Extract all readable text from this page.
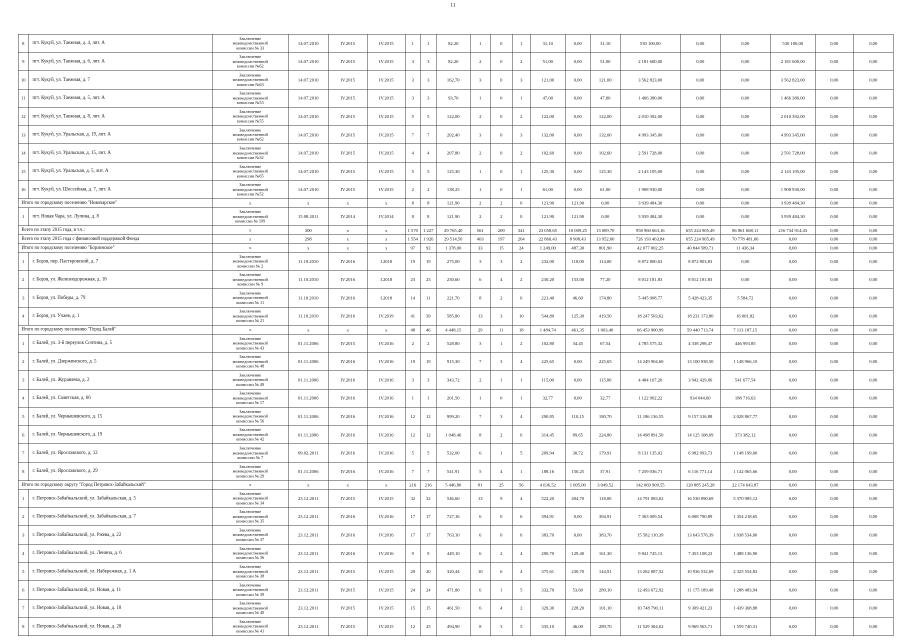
11
8	пгт. Кукуй, ул. Таежная, д. 4, лит. А	Заключение межведомственной комиссии № 33	14.07.2010	IV.2015	IV.2015	1	1	82,20	1	0	1	31,10	0,00	31,10	530 100,00	0,00	0,00	530 100,00	0,00	0,00
9	пгт. Кукуй, ул. Таежная, д. 6, лит. А	Заключение межведомственной комиссии №62	14.07.2010	IV.2015	IV.2015	3	3	82,20	2	0	2	51,00	0,00	51,00	2 181 600,00	0,00	0,00	2 181 600,00	0,00	0,00
10	пгт. Кукуй, ул. Таежная, д. 7	Заключение межведомственной комиссии №63	14.07.2010	IV.2015	IV.2015	3	3	162,70	3	0	3	121,00	0,00	121,00	3 562 823,00	0,00	0,00	3 562 823,00	0,00	0,00
11	пгт. Кукуй, ул. Таежная, д. 5, лит. А	Заключение межведомственной комиссии №53	14.07.2010	IV.2015	IV.2015	3	3	93,70	1	0	1	47,00	0,00	47,00	1 466 380,00	0,00	0,00	1 466 380,00	0,00	0,00
12	пгт. Кукуй, ул. Таежная, д. 8, лит. А	Заключение межведомственной комиссии №55	14.07.2010	IV.2015	IV.2015	5	5	122,00	2	0	2	122,00	0,00	122,00	2 010 392,00	0,00	0,00	2 010 392,00	0,00	0,00
13	пгт. Кукуй, ул. Уральская, д. 19, лит. А	Заключение межведомственной комиссии №62	14.07.2010	IV.2015	IV.2015	7	7	202,40	3	0	3	132,00	0,00	132,00	4 993 345,00	0,00	0,00	4 993 345,00	0,00	0,00
14	пгт. Кукуй, ул. Уральская, д. 15, лит. А	Заключение межведомственной комиссии №32	14.07.2010	IV.2015	IV.2015	4	4	207,80	2	0	2	102,60	0,00	102,60	2 591 728,00	0,00	0,00	2 591 728,00	0,00	0,00
15	пгт. Кукуй, ул. Уральская, д. 5, лит. А	Заключение межведомственной комиссии №65	14.07.2010	IV.2015	IV.2015	5	5	125,30	1	0	1	125,30	0,00	125,30	2 143 105,00	0,00	0,00	2 143 105,00	0,00	0,00
16	пгт. Кукуй, ул. Шоссейная, д. 7, лит. А	Заключение межведомственной комиссии №52	14.07.2010	IV.2015	IV.2015	2	2	138,25	1	0	1	61,00	0,00	61,00	1 908 930,00	0,00	0,00	1 908 930,00	0,00	0,00
Итого по городскому поселению "Новочарское"		x	x	x	x	8	8	121,90	2	2	0	121,90	121,90	0,00	3 939 484,30	0,00	0,00	3 939 484,30	0,00	0,00
1	пгт. Новая Чара, ул. Лупина, д. 8	Заключение межведомственной комиссии № 109	15.08.2011	IV.2014	IV.2014	8	8	121,90	2	2	0	121,90	121,90	0,00	3 939 484,30	0,00	0,00	3 939 484,30	0,00	0,00
Всего по этапу 2015 года, в т.ч.:		x	300	x	x	1 570	1 227	29 765,40	561	209	341	23 058,65	10 009,25	13 089,70	958 960 663,16	655 224 905,49	86 861 668,11	216 734 914,43	0,00	0,00
Всего по этапу 2015 года с финансовой поддержкой Фонда		x	298	x	x	1 554	1 926	29 514,50	403	197	264	22 860,43	8 908,43	13 952,00	726 193 463,84	655 224 905,49	70 778 481,06	0,00	0,00	0,00
Итого по городскому поселению "Борзинское"		x	x	x	x	97	92	1 378,00	33	15	24	1 249,00	487,30	801,90	42 077 002,25	40 844 589,71	11 436,34	0,00	0,00	0,00
1	г. Борзя, пер. Пастеровский, д. 7	Заключение межведомственной комиссии № 2	11.10.2010	IV.2016	I.2018	19	19	275,00	3	3	2	232,00	118,00	114,00	8 872 800,63	8 872 803,83	0,00	0,00	0,00	0,00
2	г. Борзя, ул. Железнодорожная, д. 18	Заключение межведомственной комиссии № 9	11.10.2010	IV.2016	I.2018	23	23	230,60	6	4	2	230,20	153,00	77,20	8 012 181,83	8 012 181,83	0,00	0,00	0,00	0,00
3	г. Борзя, ул. Победы, д. 79	Заключение межведомственной комиссии № 11	11.10.2010	IV.2016	I.2018	14	11	221,70	8	2	6	221,40	46,60	174,80	5 445 908,77	5 428 423,35	5 584,72	0,00	0,00	0,00
4	г. Борзя, ул. Учаев, д. 1	Заключение межведомственной комиссии № 21	11.10.2010	IV.2016	IV.2019	41	39	585,80	13	3	10	544,80	125,30	419,50	18 247 503,62	18 231 173,80	16 001,82	0,00	0,00	0,00
Итого по городскому поселению "Город Балей"		x	x	x	x	48	46	4 448,15	29	11	18	1 484,74	461,35	1 003,40	66 453 900,99	59 440 713,74	7 113 187,15	0,00	0,00	0,00
1	г. Балей, ул. 3-й переулок Сочтина, д. 5	Заключение межведомственной комиссии № 43	01.11.2006	IV.2015	IV.2016	2	2	528,80	3	1	2	102,80	34,45	67,54	4 785 575,32	4 338 298,47	446 993,85	0,00	0,00	0,00
2	г. Балей, ул. Дзержинского, д. 5	Заключение межведомственной комиссии № 48	01.11.2006	IV.2016	IV.2016	19	19	915,30	7	3	4	225,65	0,00	225,65	14 249 904,60	13 100 938,50	1 148 966,10	0,00	0,00	0,00
3	г. Балей, ул. Журавлева, д. 2	Заключение межведомственной комиссии № 49	01.11.2006	IV.2016	IV.2016	3	3	343,72	2	1	1	115,00	0,00	115,00	4 484 107,20	3 942 429,06	541 677,54	0,00	0,00	0,00
4	г. Балей, ул. Советская, д. 66	Заключение межведомственной комиссии № 17	01.11.2006	IV.2016	IV.2016	1	1	201,50	1	0	1	32,77	0,00	32,77	1 122 902,22	934 044,60	188 716,63	0,00	0,00	0,00
5	г. Балей, ул. Чернышевского, д. 15	Заключение межведомственной комиссии № 56	01.11.2006	IV.2016	IV.2016	12	12	999,20	7	3	4	290,85	110,15	180,70	11 186 136,55	9 157 316,88	2 028 867,77	0,00	0,00	0,00
6	г. Балей, ул. Чернышевского, д. 19	Заключение межведомственной комиссии № 42	01.11.2006	IV.2016	IV.2016	12	12	1 048,46	8	2	6	314,45	89,65	224,80	14 498 891,50	14 125 108,09	373 382,12	0,00	0,00	0,00
7	г. Балей, ул. Ярославского, д. 12	Заключение межведомственной комиссии № 7	09.02.2011	IV.2016	IV.2016	5	5	532,00	6	1	5	209,94	30,72	179,91	8 131 135,02	6 982 993,73	1 148 199,00	0,00	0,00	0,00
8	г. Балей, ул. Ярославского, д. 29	Заключение межведомственной комиссии № 29	01.11.2006	IV.2016	IV.2016	7	7	541,91	5	4	1	188,16	150,25	37,91	7 259 036,71	6 116 771,14	1 142 065,66	0,00	0,00	0,00
Итого по городскому округу "Город Петровск-Забайкальский"		x	x	x	x	216	216	5 446,80	81	25	56	4 036,52	1 005,00	3 049,52	142 069 909,55	120 885 245,28	22 174 643,87	0,00	0,00	0,00
1	г. Петровск-Забайкальский, ул. Забайкальская, д. 5	Заключение межведомственной комиссии № 34	23.12.2011	IV.2015	IV.2015	32	32	546,60	13	9	4	522,20	404,70	118,00	14 791 083,02	16 530 090,69	5 370 985,12	0,00	0,00	0,00
2	г. Петровск-Забайкальский, ул. Забайкальская, д. 7	Заключение межведомственной комиссии № 35	23.12.2011	IV.2016	IV.2016	17	17	727,16	6	0	6	394,91	0,00	394,91	7 363 009,54	6 008 790,89	1 354 218,65	0,00	0,00	0,00
3	г. Петровск-Забайкальский, ул. Ржева, д. 22	Заключение межведомственной комиссии № 37	23.12.2011	IV.2016	IV.2016	17	17	763,10	6	0	6	383,70	0,00	383,70	15 582 110,39	13 643 576,39	1 938 534,00	0,00	0,00	0,00
4	г. Петровск-Забайкальский, ул. Ленина, д. 6	Заключение межведомственной комиссии № 36	23.12.2011	IV.2016	IV.2016	9	9	449,10	6	2	4	290,70	129,40	161,30	9 841 745,13	7 453 108,23	1 488 136,90	0,00	0,00	0,00
5	г. Петровск-Забайкальский, ул. Набережная, д. 1 А	Заключение межведомственной комиссии № 38	23.12.2011	IV.2015	IV.2015	20	20	320,44	10	6	4	375,61	230,70	144,91	13 262 087,52	10 936 532,69	2 325 554,83	0,00	0,00	0,00
6	г. Петровск-Забайкальский, ул. Новая, д. 11	Заключение межведомственной комиссии № 39	23.12.2011	IV.2015	IV.2015	24	24	471,80	6	1	5	332,70	53,60	289,10	12 493 672,92	11 175 189,48	1 288 483,94	0,00	0,00	0,00
7	г. Петровск-Забайкальский, ул. Новая, д. 18	Заключение межведомственной комиссии № 40	23.12.2011	IV.2015	IV.2015	15	15	461,50	6	4	2	329,30	228,20	101,10	10 748 790,11	9 309 421,23	1 439 368,88	0,00	0,00	0,00
8	г. Петровск-Забайкальский, ул. Новая, д. 20	Заключение межведомственной комиссии № 41	23.12.2011	IV.2015	IV.2015	12	25	494,90	8	3	5	335,10	46,00	289,70	11 529 304,02	9 969 563,71	1 559 740,31	0,00	0,00	0,00
